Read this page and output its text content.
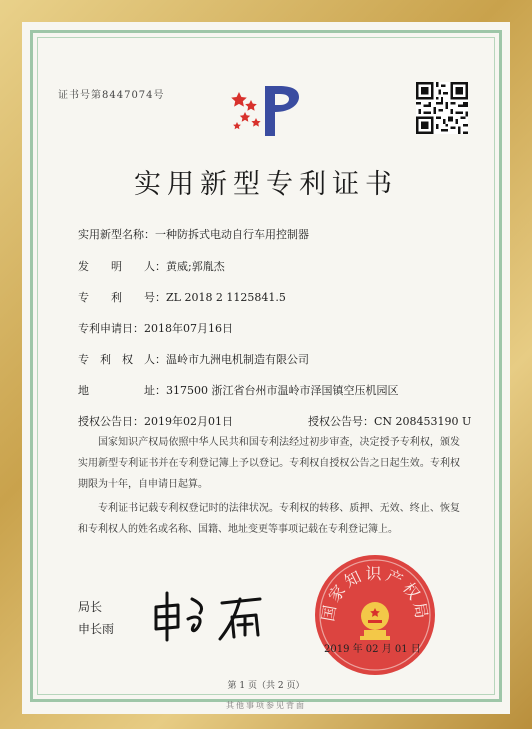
证书号第8447074号
实用新型专利证书
实用新型名称：一种防拆式电动自行车用控制器
发　　明　　人：黄威;郭胤杰
专　　利　　号：ZL 2018 2 1125841.5
专利申请日：2018年07月16日
专　利　权　人：温岭市九洲电机制造有限公司
地　　　　　址：317500 浙江省台州市温岭市泽国镇空压机园区
授权公告日：2019年02月01日	授权公告号：CN 208453190 U
国家知识产权局依照中华人民共和国专利法经过初步审查，决定授予专利权，颁发实用新型专利证书并在专利登记簿上予以登记。专利权自授权公告之日起生效。专利权期限为十年，自申请日起算。
专利证书记载专利权登记时的法律状况。专利权的转移、质押、无效、终止、恢复和专利权人的姓名或名称、国籍、地址变更等事项记载在专利登记簿上。
局长
申长雨
国家知识产权局
2019 年 02 月 01 日
第 1 页（共 2 页）
其他事项参见背面
